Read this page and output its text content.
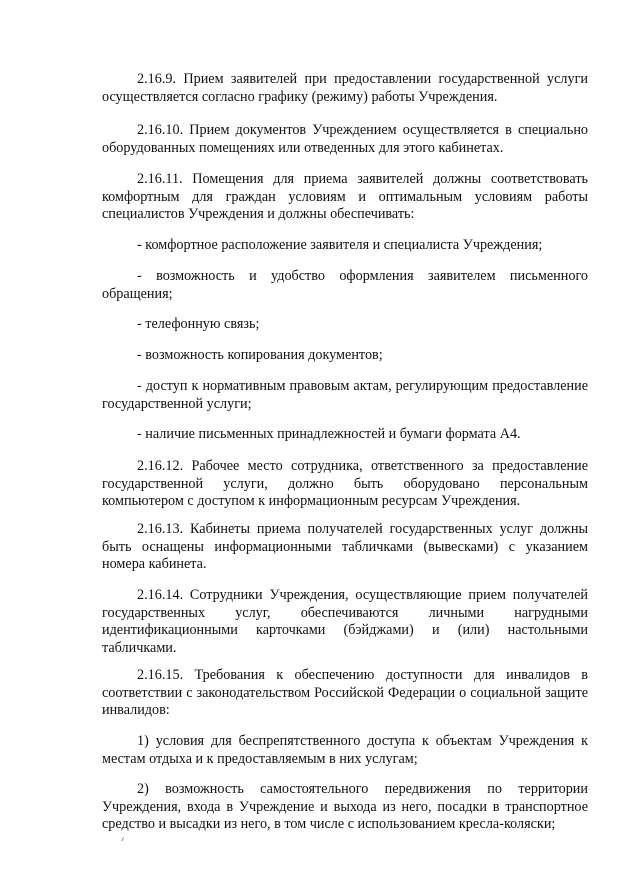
2.16.9. Прием заявителей при предоставлении государственной услуги осуществляется согласно графику (режиму) работы Учреждения.

2.16.10. Прием документов Учреждением осуществляется в специально оборудованных помещениях или отведенных для этого кабинетах.

2.16.11. Помещения для приема заявителей должны соответствовать комфортным для граждан условиям и оптимальным условиям работы специалистов Учреждения и должны обеспечивать:

- комфортное расположение заявителя и специалиста Учреждения;

- возможность и удобство оформления заявителем письменного обращения;

- телефонную связь;

- возможность копирования документов;

- доступ к нормативным правовым актам, регулирующим предоставление государственной услуги;

- наличие письменных принадлежностей и бумаги формата А4.

2.16.12. Рабочее место сотрудника, ответственного за предоставление государственной услуги, должно быть оборудовано персональным компьютером с доступом к информационным ресурсам Учреждения.

2.16.13. Кабинеты приема получателей государственных услуг должны быть оснащены информационными табличками (вывесками) с указанием номера кабинета.

2.16.14. Сотрудники Учреждения, осуществляющие прием получателей государственных услуг, обеспечиваются личными нагрудными идентификационными карточками (бэйджами) и (или) настольными табличками.

2.16.15. Требования к обеспечению доступности для инвалидов в соответствии с законодательством Российской Федерации о социальной защите инвалидов:

1) условия для беспрепятственного доступа к объектам Учреждения к местам отдыха и к предоставляемым в них услугам;

2) возможность самостоятельного передвижения по территории Учреждения, входа в Учреждение и выхода из него, посадки в транспортное средство и высадки из него, в том числе с использованием кресла-коляски;
